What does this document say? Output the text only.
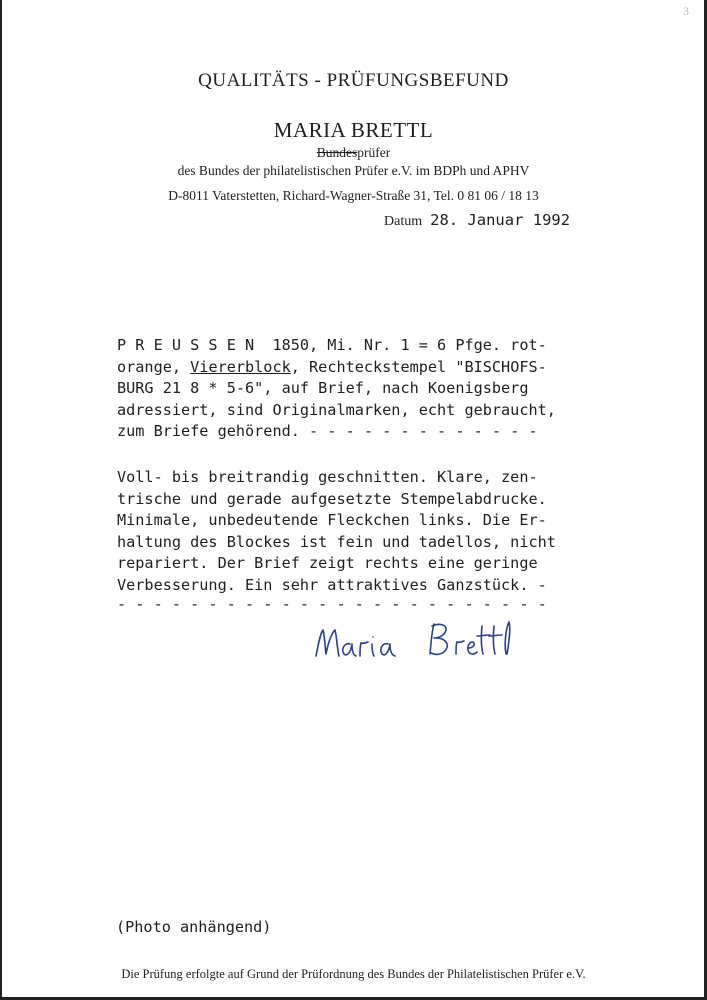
3
QUALITÄTS - PRÜFUNGSBEFUND
MARIA BRETTL
Bundesprüfer
des Bundes der philatelistischen Prüfer e.V. im BDPh und APHV
D-8011 Vaterstetten, Richard-Wagner-Straße 31, Tel. 0 81 06 / 18 13
Datum 28. Januar 1992
P R E U S S E N  1850, Mi. Nr. 1 = 6 Pfge. rot-
orange, Viererblock, Rechteckstempel "BISCHOFS-
BURG 21 8 * 5-6", auf Brief, nach Koenigsberg
adressiert, sind Originalmarken, echt gebraucht,
zum Briefe gehörend. - - - - - - - - - - - - -
Voll- bis breitrandig geschnitten. Klare, zen-
trische und gerade aufgesetzte Stempelabdrucke.
Minimale, unbedeutende Fleckchen links. Die Er-
haltung des Blockes ist fein und tadellos, nicht
repariert. Der Brief zeigt rechts eine geringe
Verbesserung. Ein sehr attraktives Ganzstück. -
- - - - - - - - - - - - - - - - - - - - - - - -
(Photo anhängend)
Die Prüfung erfolgte auf Grund der Prüfordnung des Bundes der Philatelistischen Prüfer e.V.
